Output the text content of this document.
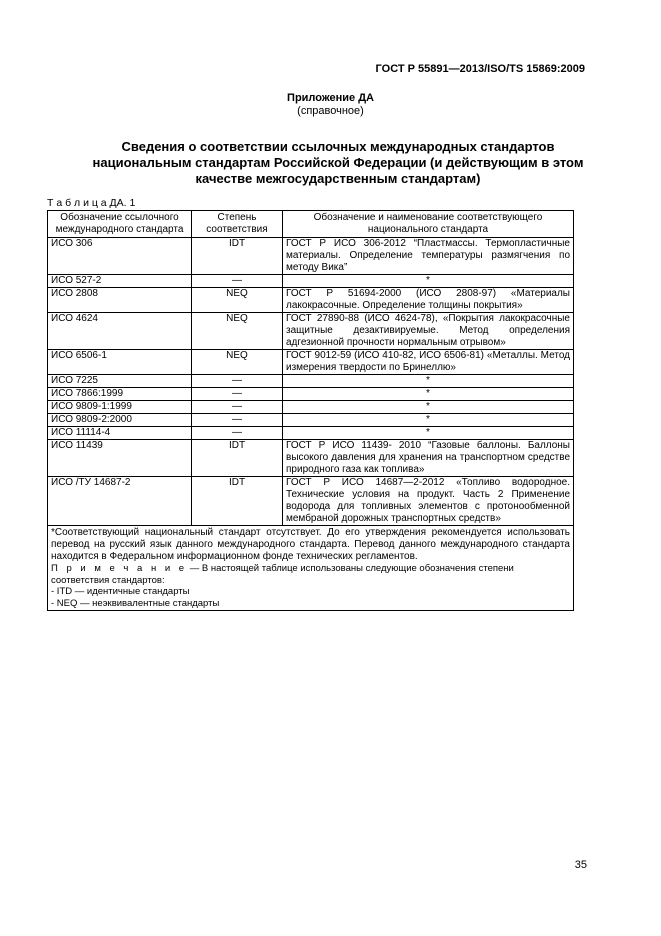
ГОСТ Р 55891—2013/ISO/TS 15869:2009
Приложение ДА
(справочное)
Сведения о соответствии ссылочных международных стандартов
национальным стандартам Российской Федерации (и действующим в этом
качестве межгосударственным стандартам)
Т а б л и ц а ДА. 1
Обозначение ссылочного международного стандарта	Степень соответствия	Обозначение и наименование соответствующего национального стандарта
ИСО 306	IDT	ГОСТ Р ИСО 306-2012 “Пластмассы. Термопластичные материалы. Определение температуры размягчения по методу Вика”
ИСО 527-2	—	*
ИСО 2808	NEQ	ГОСТ Р 51694-2000 (ИСО 2808-97) «Материалы лакокрасочные. Определение толщины покрытия»
ИСО 4624	NEQ	ГОСТ 27890-88 (ИСО 4624-78), «Покрытия лакокрасочные защитные дезактивируемые. Метод определения адгезионной прочности нормальным отрывом»
ИСО 6506-1	NEQ	ГОСТ 9012-59 (ИСО 410-82, ИСО 6506-81) «Металлы. Метод измерения твердости по Бринеллю»
ИСО 7225	—	*
ИСО 7866:1999	—	*
ИСО 9809-1:1999	—	*
ИСО 9809-2:2000	—	*
ИСО 11114-4	—	*
ИСО 11439	IDT	ГОСТ Р ИСО 11439- 2010 “Газовые баллоны. Баллоны высокого давления для хранения на транспортном средстве природного газа как топлива»
ИСО /ТУ 14687-2	IDT	ГОСТ Р ИСО 14687—2-2012 «Топливо водородное. Технические условия на продукт. Часть 2 Применение водорода для топливных элементов с протонообменной мембраной дорожных транспортных средств»

*Соответствующий национальный стандарт отсутствует. До его утверждения рекомендуется использовать перевод на русский язык данного международного стандарта. Перевод данного международного стандарта находится в Федеральном информационном фонде технических регламентов.
П р и м е ч а н и е — В настоящей таблице использованы следующие обозначения степени соответствия стандартов:
- ITD — идентичные стандарты
- NEQ — неэквивалентные стандарты		
35
